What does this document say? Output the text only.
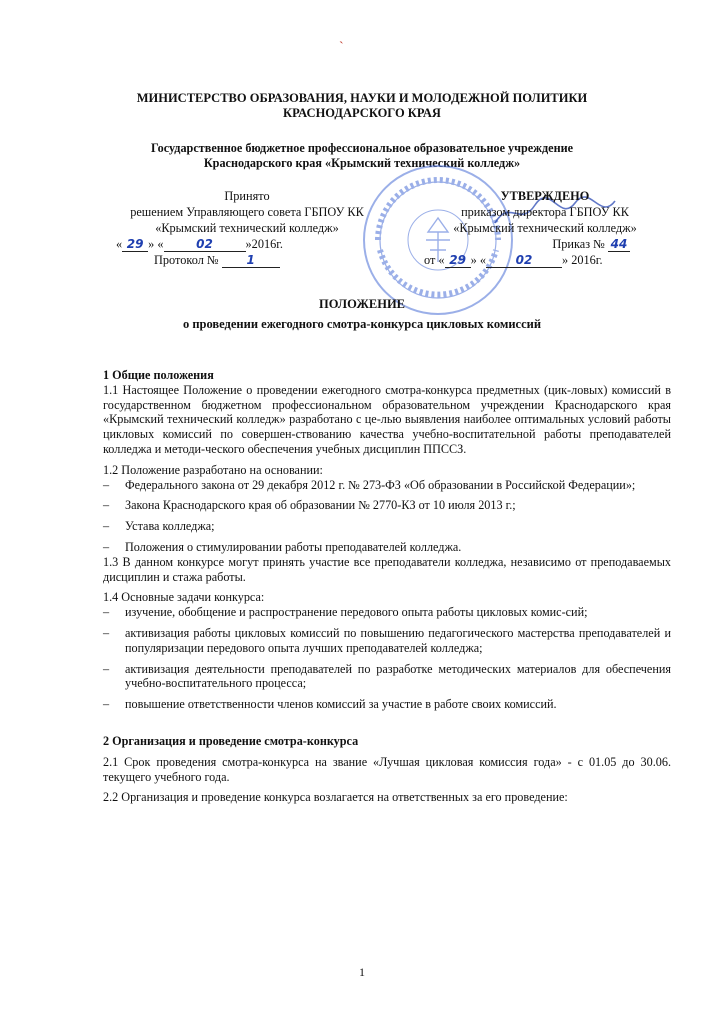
`
МИНИСТЕРСТВО ОБРАЗОВАНИЯ, НАУКИ И МОЛОДЕЖНОЙ ПОЛИТИКИ
КРАСНОДАРСКОГО КРАЯ
Государственное бюджетное профессиональное образовательное учреждение
Краснодарского края «Крымский технический колледж»
Принято
решением Управляющего совета ГБПОУ КК
«Крымский технический колледж»
« 29 » «	02	»2016г.
Протокол № 1
УТВЕРЖДЕНО
приказом директора ГБПОУ КК
«Крымский технический колледж»
Приказ № 44
от « 29 » « 02 » 2016г.
ПОЛОЖЕНИЕ
о проведении ежегодного смотра-конкурса цикловых комиссий
1 Общие положения
1.1 Настоящее Положение о проведении ежегодного смотра-конкурса предметных (цик-ловых) комиссий в государственном бюджетном профессиональном образовательном учреждении Краснодарского края «Крымский технический колледж» разработано с це-лью выявления наиболее оптимальных условий работы цикловых комиссий по совершен-ствованию качества учебно-воспитательной работы преподавателей колледжа и методи-ческого обеспечения учебных дисциплин ППССЗ.
1.2 Положение разработано на основании:
– Федерального закона от 29 декабря 2012 г. № 273-ФЗ «Об образовании в Российской Федерации»;
– Закона Краснодарского края об образовании № 2770-КЗ от 10 июля 2013 г.;
– Устава колледжа;
– Положения о стимулировании работы преподавателей колледжа.
1.3 В данном конкурсе могут принять участие все преподаватели колледжа, независимо от преподаваемых дисциплин и стажа работы.
1.4 Основные задачи конкурса:
– изучение, обобщение и распространение передового опыта работы цикловых комис-сий;
– активизация работы цикловых комиссий по повышению педагогического мастерства преподавателей и популяризации передового опыта лучших преподавателей колледжа;
– активизация деятельности преподавателей по разработке методических материалов для обеспечения учебно-воспитательного процесса;
– повышение ответственности членов комиссий за участие в работе своих комиссий.
2 Организация и проведение смотра-конкурса
2.1 Срок проведения смотра-конкурса на звание «Лучшая цикловая комиссия года» - с 01.05 до 30.06. текущего учебного года.
2.2 Организация и проведение конкурса возлагается на ответственных за его проведение:
1
